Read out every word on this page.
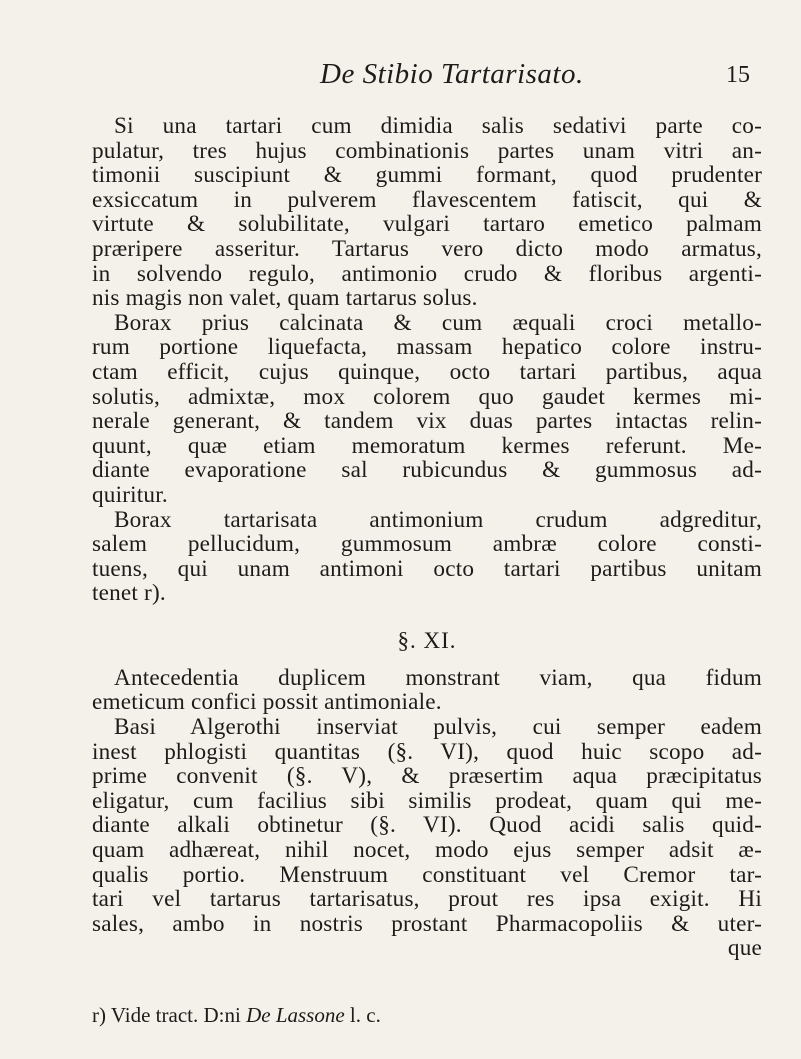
De Stibio Tartarisato.	15
Si una tartari cum dimidia salis sedativi parte co-
pulatur, tres hujus combinationis partes unam vitri an-
timonii suscipiunt & gummi formant, quod prudenter
exsiccatum in pulverem flavescentem fatiscit, qui &
virtute & solubilitate, vulgari tartaro emetico palmam
præripere asseritur. Tartarus vero dicto modo armatus,
in solvendo regulo, antimonio crudo & floribus argenti-
nis magis non valet, quam tartarus solus.
Borax prius calcinata & cum æquali croci metallo-
rum portione liquefacta, massam hepatico colore instru-
ctam efficit, cujus quinque, octo tartari partibus, aqua
solutis, admixtæ, mox colorem quo gaudet kermes mi-
nerale generant, & tandem vix duas partes intactas relin-
quunt, quæ etiam memoratum kermes referunt. Me-
diante evaporatione sal rubicundus & gummosus ad-
quiritur.
Borax tartarisata antimonium crudum adgreditur,
salem pellucidum, gummosum ambræ colore consti-
tuens, qui unam antimoni octo tartari partibus unitam
tenet r).
§. XI.
Antecedentia duplicem monstrant viam, qua fidum
emeticum confici possit antimoniale.
Basi Algerothi inserviat pulvis, cui semper eadem
inest phlogisti quantitas (§. VI), quod huic scopo ad-
prime convenit (§. V), & præsertim aqua præcipitatus
eligatur, cum facilius sibi similis prodeat, quam qui me-
diante alkali obtinetur (§. VI). Quod acidi salis quid-
quam adhæreat, nihil nocet, modo ejus semper adsit æ-
qualis portio. Menstruum constituant vel Cremor tar-
tari vel tartarus tartarisatus, prout res ipsa exigit. Hi
sales, ambo in nostris prostant Pharmacopoliis & uter-
que
r) Vide tract. D:ni De Lassone l. c.
